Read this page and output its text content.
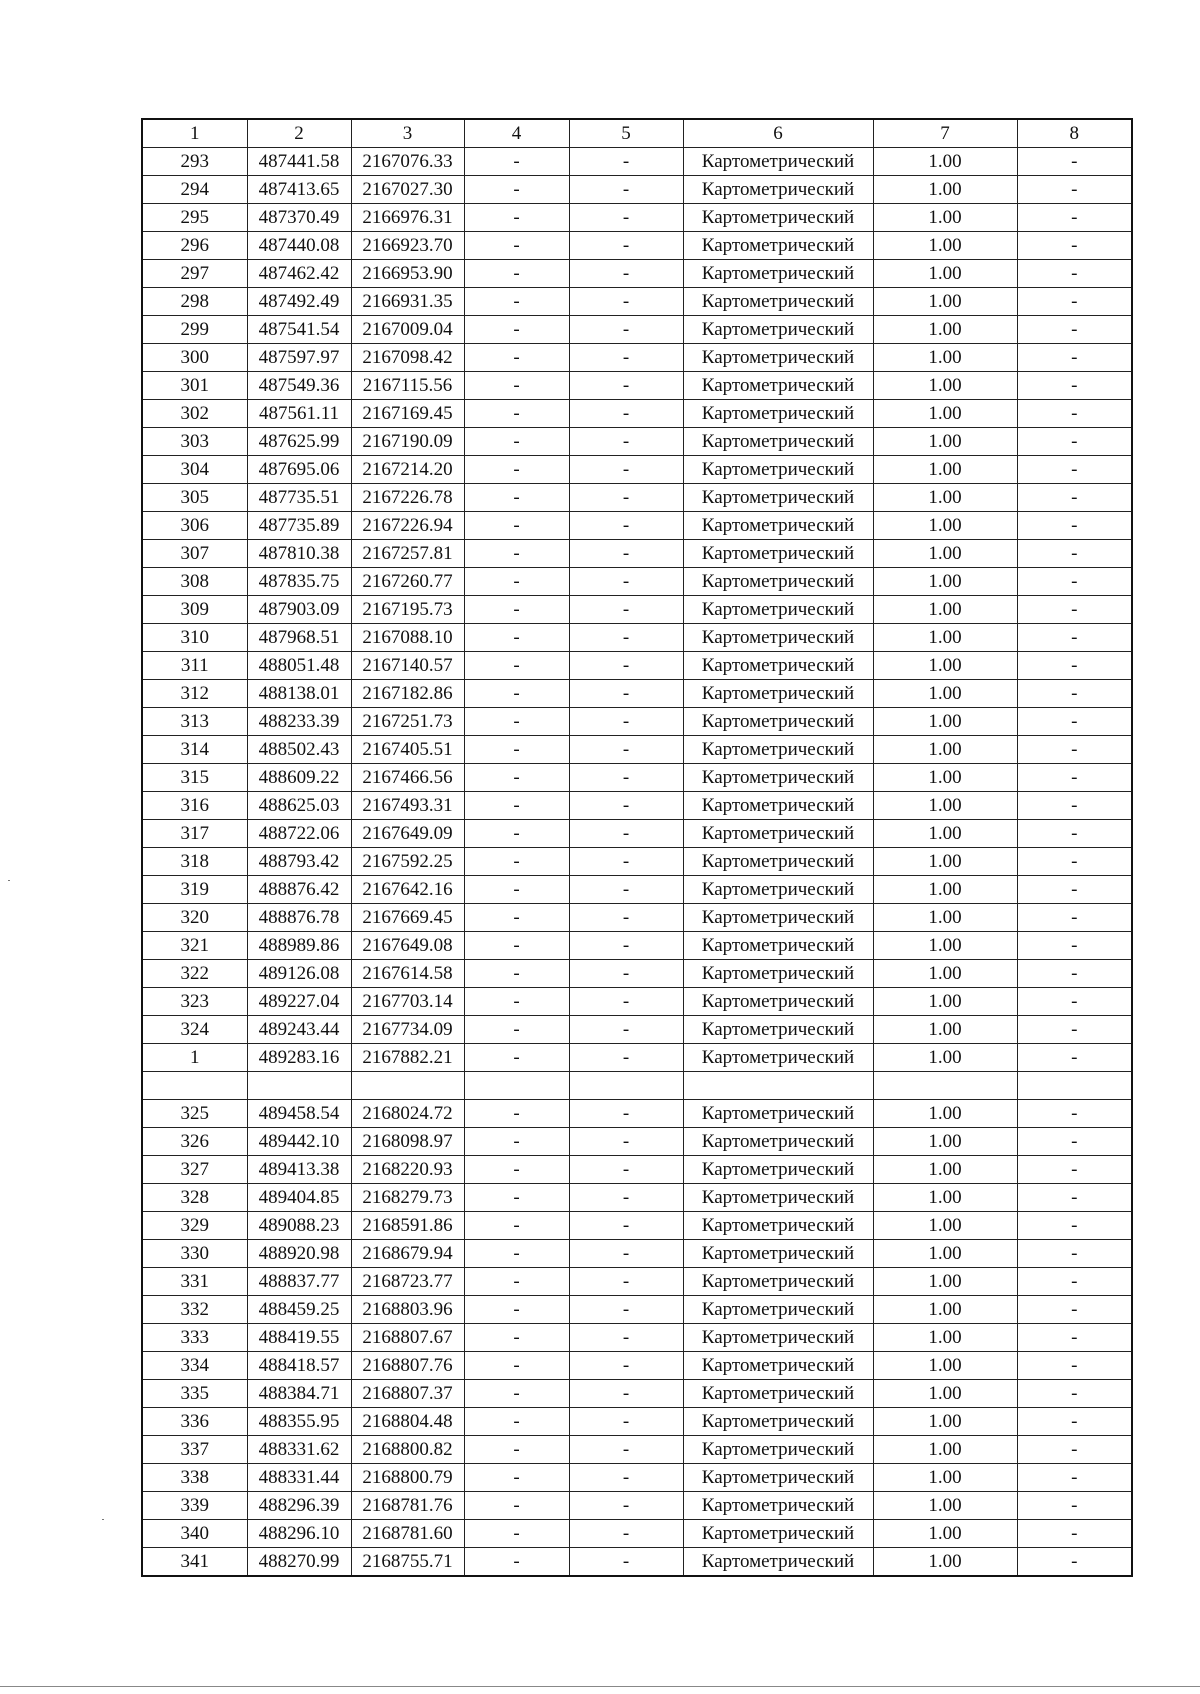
1	2	3	4	5	6	7	8
293	487441.58	2167076.33	-	-	Картометрический	1.00	-
294	487413.65	2167027.30	-	-	Картометрический	1.00	-
295	487370.49	2166976.31	-	-	Картометрический	1.00	-
296	487440.08	2166923.70	-	-	Картометрический	1.00	-
297	487462.42	2166953.90	-	-	Картометрический	1.00	-
298	487492.49	2166931.35	-	-	Картометрический	1.00	-
299	487541.54	2167009.04	-	-	Картометрический	1.00	-
300	487597.97	2167098.42	-	-	Картометрический	1.00	-
301	487549.36	2167115.56	-	-	Картометрический	1.00	-
302	487561.11	2167169.45	-	-	Картометрический	1.00	-
303	487625.99	2167190.09	-	-	Картометрический	1.00	-
304	487695.06	2167214.20	-	-	Картометрический	1.00	-
305	487735.51	2167226.78	-	-	Картометрический	1.00	-
306	487735.89	2167226.94	-	-	Картометрический	1.00	-
307	487810.38	2167257.81	-	-	Картометрический	1.00	-
308	487835.75	2167260.77	-	-	Картометрический	1.00	-
309	487903.09	2167195.73	-	-	Картометрический	1.00	-
310	487968.51	2167088.10	-	-	Картометрический	1.00	-
311	488051.48	2167140.57	-	-	Картометрический	1.00	-
312	488138.01	2167182.86	-	-	Картометрический	1.00	-
313	488233.39	2167251.73	-	-	Картометрический	1.00	-
314	488502.43	2167405.51	-	-	Картометрический	1.00	-
315	488609.22	2167466.56	-	-	Картометрический	1.00	-
316	488625.03	2167493.31	-	-	Картометрический	1.00	-
317	488722.06	2167649.09	-	-	Картометрический	1.00	-
318	488793.42	2167592.25	-	-	Картометрический	1.00	-
319	488876.42	2167642.16	-	-	Картометрический	1.00	-
320	488876.78	2167669.45	-	-	Картометрический	1.00	-
321	488989.86	2167649.08	-	-	Картометрический	1.00	-
322	489126.08	2167614.58	-	-	Картометрический	1.00	-
323	489227.04	2167703.14	-	-	Картометрический	1.00	-
324	489243.44	2167734.09	-	-	Картометрический	1.00	-
1	489283.16	2167882.21	-	-	Картометрический	1.00	-

325	489458.54	2168024.72	-	-	Картометрический	1.00	-
326	489442.10	2168098.97	-	-	Картометрический	1.00	-
327	489413.38	2168220.93	-	-	Картометрический	1.00	-
328	489404.85	2168279.73	-	-	Картометрический	1.00	-
329	489088.23	2168591.86	-	-	Картометрический	1.00	-
330	488920.98	2168679.94	-	-	Картометрический	1.00	-
331	488837.77	2168723.77	-	-	Картометрический	1.00	-
332	488459.25	2168803.96	-	-	Картометрический	1.00	-
333	488419.55	2168807.67	-	-	Картометрический	1.00	-
334	488418.57	2168807.76	-	-	Картометрический	1.00	-
335	488384.71	2168807.37	-	-	Картометрический	1.00	-
336	488355.95	2168804.48	-	-	Картометрический	1.00	-
337	488331.62	2168800.82	-	-	Картометрический	1.00	-
338	488331.44	2168800.79	-	-	Картометрический	1.00	-
339	488296.39	2168781.76	-	-	Картометрический	1.00	-
340	488296.10	2168781.60	-	-	Картометрический	1.00	-
341	488270.99	2168755.71	-	-	Картометрический	1.00	-
